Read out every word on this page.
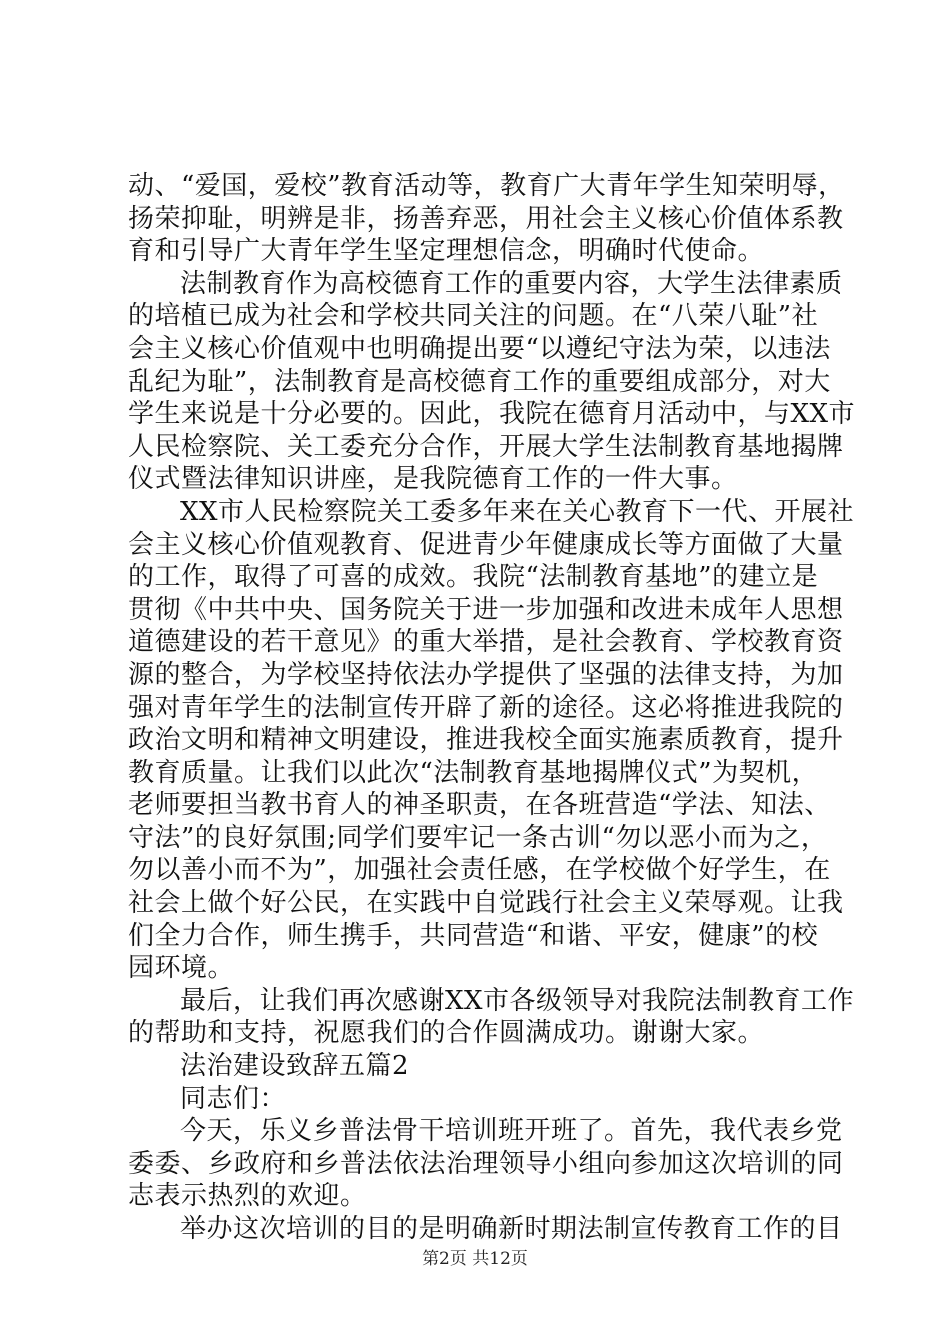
动、“爱国，爱校”教育活动等，教育广大青年学生知荣明辱，
扬荣抑耻，明辨是非，扬善弃恶，用社会主义核心价值体系教
育和引导广大青年学生坚定理想信念，明确时代使命。
法制教育作为高校德育工作的重要内容，大学生法律素质
的培植已成为社会和学校共同关注的问题。在“八荣八耻”社
会主义核心价值观中也明确提出要“以遵纪守法为荣，以违法
乱纪为耻”，法制教育是高校德育工作的重要组成部分，对大
学生来说是十分必要的。因此，我院在德育月活动中，与XX市
人民检察院、关工委充分合作，开展大学生法制教育基地揭牌
仪式暨法律知识讲座，是我院德育工作的一件大事。
XX市人民检察院关工委多年来在关心教育下一代、开展社
会主义核心价值观教育、促进青少年健康成长等方面做了大量
的工作，取得了可喜的成效。我院“法制教育基地”的建立是
贯彻《中共中央、国务院关于进一步加强和改进未成年人思想
道德建设的若干意见》的重大举措，是社会教育、学校教育资
源的整合，为学校坚持依法办学提供了坚强的法律支持，为加
强对青年学生的法制宣传开辟了新的途径。这必将推进我院的
政治文明和精神文明建设，推进我校全面实施素质教育，提升
教育质量。让我们以此次“法制教育基地揭牌仪式”为契机，
老师要担当教书育人的神圣职责，在各班营造“学法、知法、
守法”的良好氛围;同学们要牢记一条古训“勿以恶小而为之，
勿以善小而不为”，加强社会责任感，在学校做个好学生，在
社会上做个好公民，在实践中自觉践行社会主义荣辱观。让我
们全力合作，师生携手，共同营造“和谐、平安，健康”的校
园环境。
最后，让我们再次感谢XX市各级领导对我院法制教育工作
的帮助和支持，祝愿我们的合作圆满成功。谢谢大家。
法治建设致辞五篇2
同志们：
今天，乐义乡普法骨干培训班开班了。首先，我代表乡党
委委、乡政府和乡普法依法治理领导小组向参加这次培训的同
志表示热烈的欢迎。
举办这次培训的目的是明确新时期法制宣传教育工作的目
第2页 共12页
